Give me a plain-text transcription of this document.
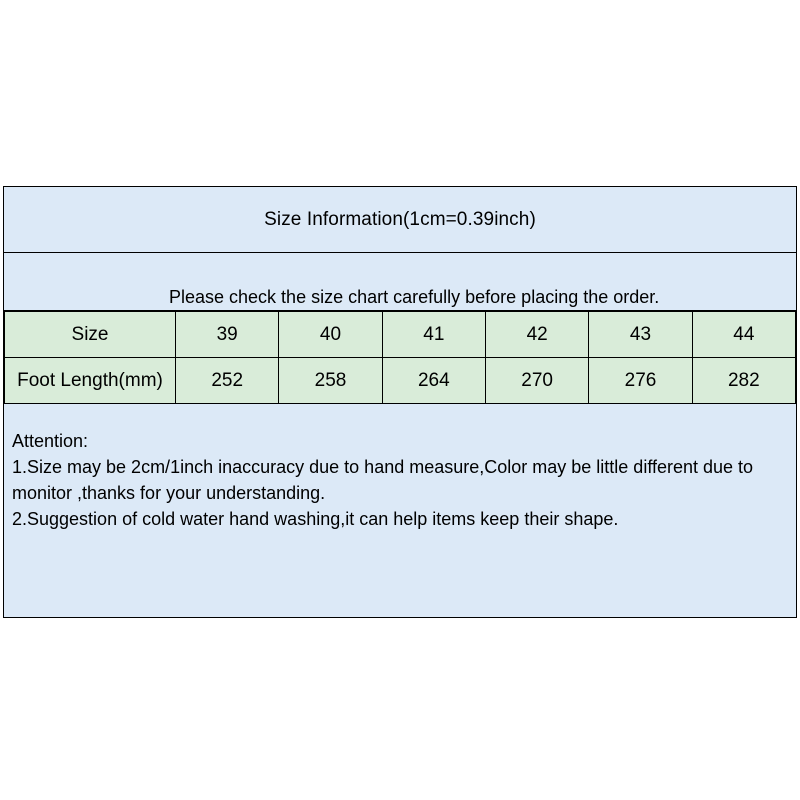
Size Information(1cm=0.39inch)
Please check the size chart carefully before placing the order.
Size	39	40	41	42	43	44
Foot Length(mm)	252	258	264	270	276	282
Attention:
1.Size may be 2cm/1inch inaccuracy due to hand measure,Color may be little different due to monitor ,thanks for your understanding.
2.Suggestion of cold water hand washing,it can help items keep their shape.
